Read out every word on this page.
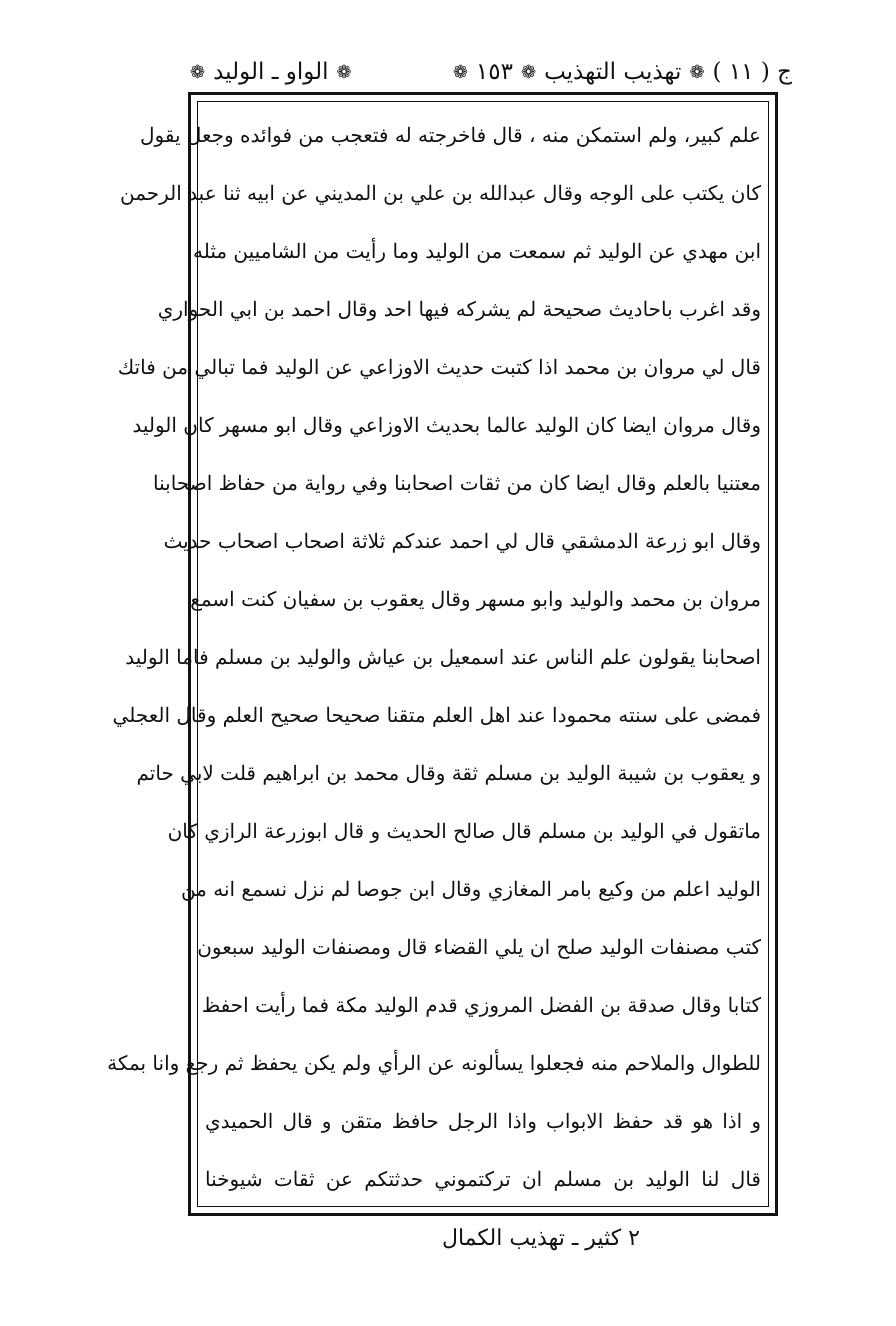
ج ( ١١ )
❁
تهذيب التهذيب
❁
١٥٣
❁
❁
الواو ـ الوليد
❁
علم كبير، ولم استمكن منه ، قال فاخرجته له فتعجب من فوائده وجعل يقول
كان يكتب على الوجه وقال عبدالله بن علي بن المديني عن ابيه ثنا عبد الرحمن
ابن مهدي عن الوليد ثم سمعت من الوليد وما رأيت من الشاميين مثله
وقد اغرب باحاديث صحيحة لم يشركه فيها احد وقال احمد بن ابي الحواري
قال لي مروان بن محمد اذا كتبت حديث الاوزاعي عن الوليد فما تبالي من فاتك
وقال مروان ايضا كان الوليد عالما بحديث الاوزاعي وقال ابو مسهر كان الوليد
معتنيا بالعلم وقال ايضا كان من ثقات اصحابنا وفي رواية من حفاظ اصحابنا
وقال ابو زرعة الدمشقي قال لي احمد عندكم ثلاثة اصحاب اصحاب حديث
مروان بن محمد والوليد وابو مسهر وقال يعقوب بن سفيان كنت اسمع
اصحابنا يقولون علم الناس عند اسمعيل بن عياش والوليد بن مسلم فاما الوليد
فمضى على سنته محمودا عند اهل العلم متقنا صحيحا صحيح العلم وقال العجلي
و يعقوب بن شيبة الوليد بن مسلم ثقة وقال محمد بن ابراهيم قلت لابي حاتم
ماتقول في الوليد بن مسلم قال صالح الحديث و قال ابوزرعة الرازي كان
الوليد اعلم من وكيع بامر المغازي وقال ابن جوصا لم نزل نسمع انه من
كتب مصنفات الوليد صلح ان يلي القضاء قال ومصنفات الوليد سبعون
كتابا وقال صدقة بن الفضل المروزي قدم الوليد مكة فما رأيت احفظ
للطوال والملاحم منه فجعلوا يسألونه عن الرأي ولم يكن يحفظ ثم رجع وانا بمكة
و اذا هو قد حفظ الابواب واذا الرجل حافظ متقن و قال الحميدي
قال لنا الوليد بن مسلم ان تركتموني حدثتكم عن ثقات شيوخنا
٢ كثير ـ تهذيب الكمال
